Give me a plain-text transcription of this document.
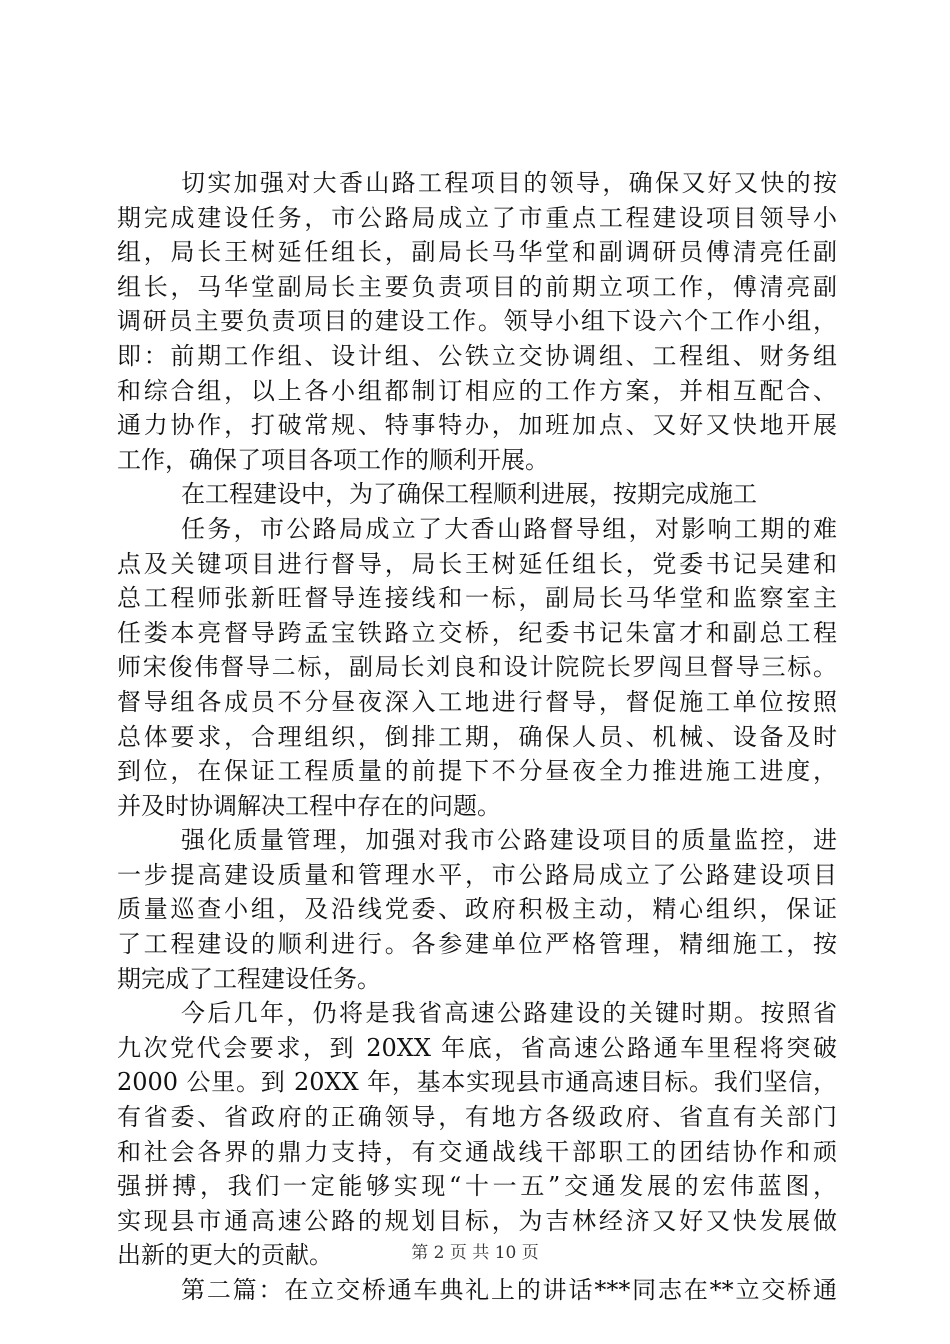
切实加强对大香山路工程项目的领导，确保又好又快的按
期完成建设任务，市公路局成立了市重点工程建设项目领导小
组，局长王树延任组长，副局长马华堂和副调研员傅清亮任副
组长，马华堂副局长主要负责项目的前期立项工作，傅清亮副
调研员主要负责项目的建设工作。领导小组下设六个工作小组，
即：前期工作组、设计组、公铁立交协调组、工程组、财务组
和综合组，以上各小组都制订相应的工作方案，并相互配合、
通力协作，打破常规、特事特办，加班加点、又好又快地开展
工作，确保了项目各项工作的顺利开展。
在工程建设中，为了确保工程顺利进展，按期完成施工
任务，市公路局成立了大香山路督导组，对影响工期的难
点及关键项目进行督导，局长王树延任组长，党委书记吴建和
总工程师张新旺督导连接线和一标，副局长马华堂和监察室主
任娄本亮督导跨孟宝铁路立交桥，纪委书记朱富才和副总工程
师宋俊伟督导二标，副局长刘良和设计院院长罗闯旦督导三标。
督导组各成员不分昼夜深入工地进行督导，督促施工单位按照
总体要求，合理组织，倒排工期，确保人员、机械、设备及时
到位，在保证工程质量的前提下不分昼夜全力推进施工进度，
并及时协调解决工程中存在的问题。
强化质量管理，加强对我市公路建设项目的质量监控，进
一步提高建设质量和管理水平，市公路局成立了公路建设项目
质量巡查小组，及沿线党委、政府积极主动，精心组织，保证
了工程建设的顺利进行。各参建单位严格管理，精细施工，按
期完成了工程建设任务。
今后几年，仍将是我省高速公路建设的关键时期。按照省
九次党代会要求，到 20XX 年底，省高速公路通车里程将突破
2000 公里。到 20XX 年，基本实现县市通高速目标。我们坚信，
有省委、省政府的正确领导，有地方各级政府、省直有关部门
和社会各界的鼎力支持，有交通战线干部职工的团结协作和顽
强拼搏，我们一定能够实现“十一五”交通发展的宏伟蓝图，
实现县市通高速公路的规划目标，为吉林经济又好又快发展做
出新的更大的贡献。
第二篇：在立交桥通车典礼上的讲话***同志在**立交桥通
第 2 页 共 10 页
